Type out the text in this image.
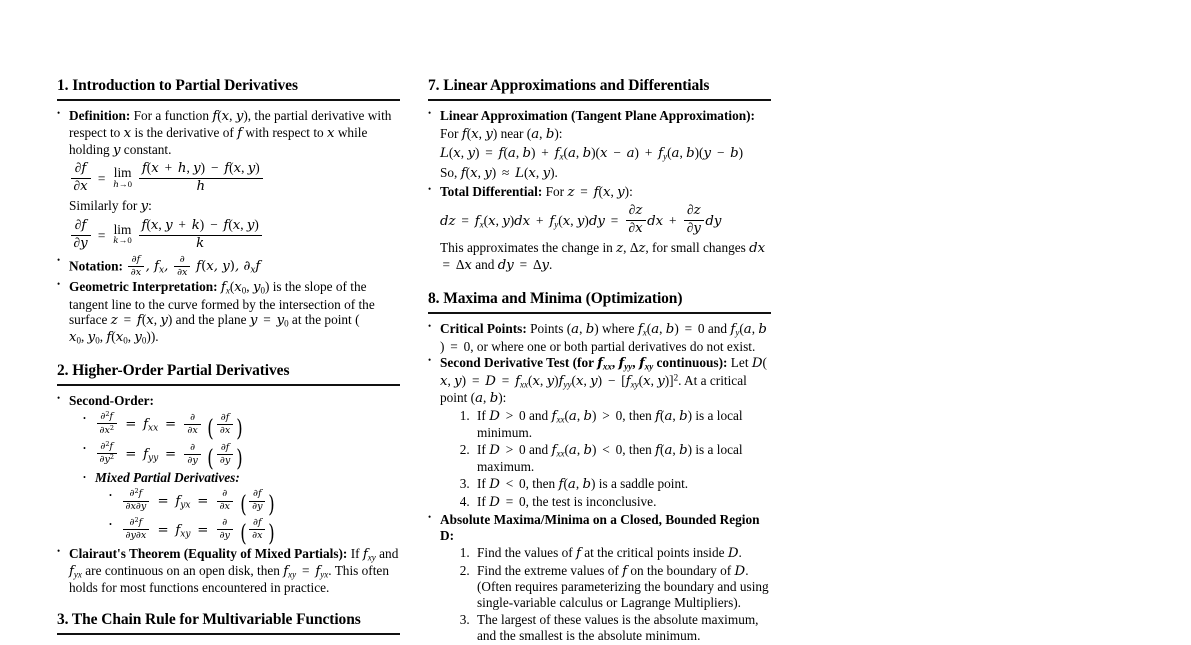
1. Introduction to Partial Derivatives
• Definition: For a function f(x, y), the partial derivative with respect to x is the derivative of f with respect to x while holding y constant.
$\frac{\partial f}{\partial x} = \lim$
h→0
$\frac{f(x + h, y) - f(x, y)}{h}$
Similarly for y:
$\frac{\partial f}{\partial y} = \lim$
k→0
$\frac{f(x, y + k) - f(x, y)}{k}$
• Notation: $\frac{\partial f}{\partial x}$ , $f_x$, $\frac{\partial}{\partial x} f(x$, y), $\partial_xf$
• Geometric Interpretation: $f_x(x_0$, $y_0$) is the slope of the tangent line to the curve formed by the intersection of the surface z = f(x, y) and the plane $y = y_0$ at the point ($x_0$, $y_0$, $f(x_0$, $y_0$)).
2. Higher-Order Partial Derivatives
• Second-Order:
• $\frac{\partial^2f}{\partial x^2} = f_{xx} = \frac{\partial}{\partial x}$ ( $\frac{\partial f}{\partial x}$ )
• $\frac{\partial^2f}{\partial y^2} = f_{yy} = \frac{\partial}{\partial y}$ ( $\frac{\partial f}{\partial y}$ )
• Mixed Partial Derivatives:
• $\frac{\partial^2f}{\partial x\partial y} = f_{yx} = \frac{\partial}{\partial x}$ ( $\frac{\partial f}{\partial y}$ )
• $\frac{\partial^2f}{\partial y\partial x} = f_{xy} = \frac{\partial}{\partial y}$ ( $\frac{\partial f}{\partial x}$ )
• Clairaut's Theorem (Equality of Mixed Partials): If $f_{xy}$ and $f_{yx}$ are continuous on an open disk, then $f_{xy} = f_{yx}$. This often holds for most functions encountered in practice.
3. The Chain Rule for Multivariable Functions
7. Linear Approximations and Differentials
• Linear Approximation (Tangent Plane Approximation):
For f(x, y) near (a, b):
L(x, y) = f(a, $b) + f_x(a$, $b)(x - a) + f_y(a$, b)(y − b)
So, f(x, y) ≈ L(x, y).
• Total Differential: For z = f(x, y):
dz = $f_x(x$, $y)dx + f_y(x$, $y)dy = \frac{\partial z}{\partial x}$ dx + $\frac{\partial z}{\partial y}$ dy
This approximates the change in z, Δz, for small changes dx = Δx and dy = Δy.
8. Maxima and Minima (Optimization)
• Critical Points: Points (a, b) where $f_x(a$, b) = 0 and $f_y(a$, b) = 0, or where one or both partial derivatives do not exist.
• Second Derivative Test (for $f_{xx}$, $f_{yy}$, $f_{xy}$ continuous): Let D(x, $y) = D = f_{xx}(x$, $y)f_{yy}(x$, $y) - [f_{xy}(x$, y)]$^2$. At a critical point (a, b):
1. If D > 0 and $f_{xx}(a$, b) > 0, then f(a, b) is a local minimum.
2. If D > 0 and $f_{xx}(a$, b) < 0, then f(a, b) is a local maximum.
3. If D < 0, then f(a, b) is a saddle point.
4. If D = 0, the test is inconclusive.
• Absolute Maxima/Minima on a Closed, Bounded Region D:
1. Find the values of f at the critical points inside D.
2. Find the extreme values of f on the boundary of D. (Often requires parameterizing the boundary and using single-variable calculus or Lagrange Multipliers).
3. The largest of these values is the absolute maximum, and the smallest is the absolute minimum.
